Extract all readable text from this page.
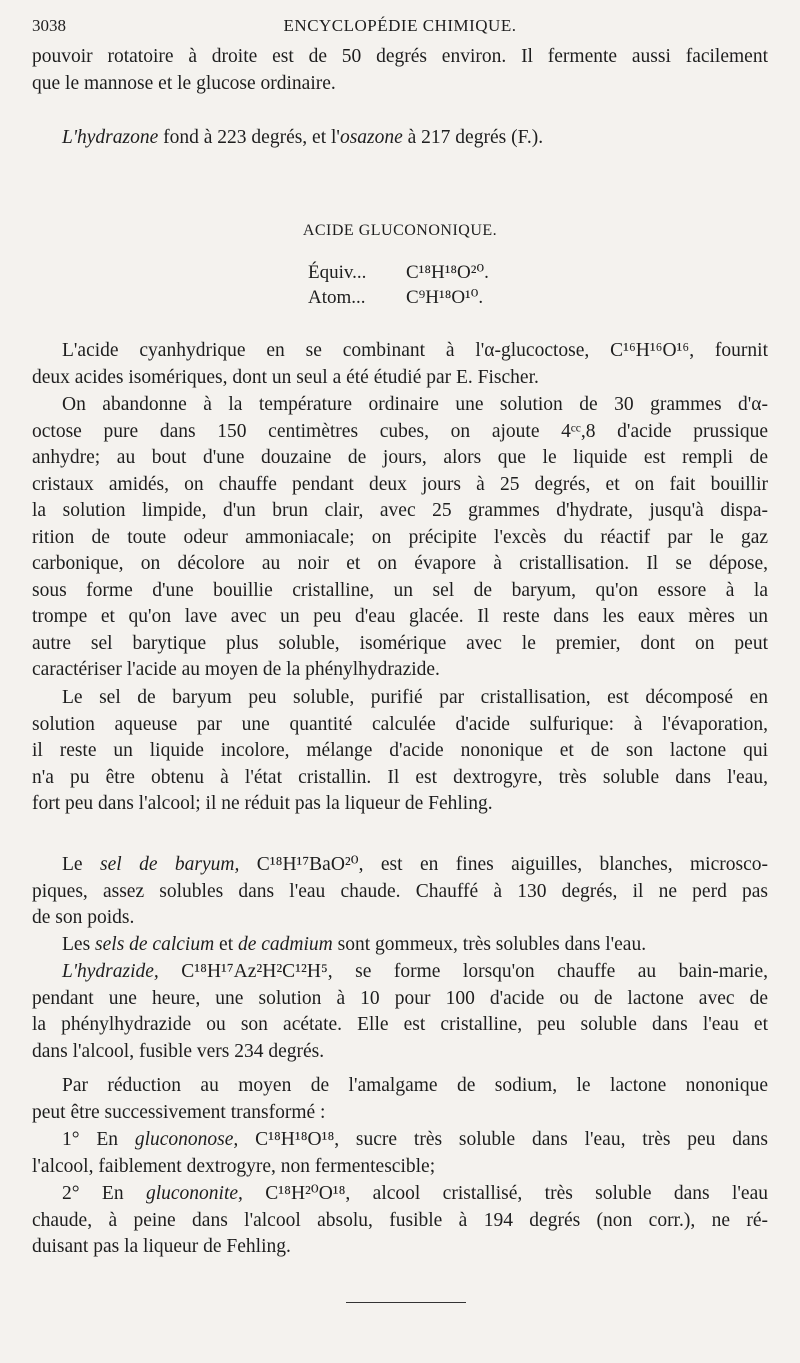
3038	ENCYCLOPÉDIE CHIMIQUE.
pouvoir rotatoire à droite est de 50 degrés environ. Il fermente aussi facilement
que le mannose et le glucose ordinaire.
L'hydrazone fond à 223 degrés, et l'osazone à 217 degrés (F.).
ACIDE GLUCONONIQUE.
Équiv... C¹⁸H¹⁸O²⁰.
Atom... C⁹H¹⁸O¹⁰.
L'acide cyanhydrique en se combinant à l'α-glucoctose, C¹⁶H¹⁶O¹⁶, fournit
deux acides isomériques, dont un seul a été étudié par E. Fischer.
On abandonne à la température ordinaire une solution de 30 grammes d'α-
octose pure dans 150 centimètres cubes, on ajoute 4ᶜᶜ,8 d'acide prussique
anhydre; au bout d'une douzaine de jours, alors que le liquide est rempli de
cristaux amidés, on chauffe pendant deux jours à 25 degrés, et on fait bouillir
la solution limpide, d'un brun clair, avec 25 grammes d'hydrate, jusqu'à dispa-
rition de toute odeur ammoniacale; on précipite l'excès du réactif par le gaz
carbonique, on décolore au noir et on évapore à cristallisation. Il se dépose,
sous forme d'une bouillie cristalline, un sel de baryum, qu'on essore à la
trompe et qu'on lave avec un peu d'eau glacée. Il reste dans les eaux mères un
autre sel barytique plus soluble, isomérique avec le premier, dont on peut
caractériser l'acide au moyen de la phénylhydrazide.
Le sel de baryum peu soluble, purifié par cristallisation, est décomposé en
solution aqueuse par une quantité calculée d'acide sulfurique: à l'évaporation,
il reste un liquide incolore, mélange d'acide nononique et de son lactone qui
n'a pu être obtenu à l'état cristallin. Il est dextrogyre, très soluble dans l'eau,
fort peu dans l'alcool; il ne réduit pas la liqueur de Fehling.
Le sel de baryum, C¹⁸H¹⁷BaO²⁰, est en fines aiguilles, blanches, microsco-
piques, assez solubles dans l'eau chaude. Chauffé à 130 degrés, il ne perd pas
de son poids.
Les sels de calcium et de cadmium sont gommeux, très solubles dans l'eau.
L'hydrazide, C¹⁸H¹⁷Az²H²C¹²H⁵, se forme lorsqu'on chauffe au bain-marie,
pendant une heure, une solution à 10 pour 100 d'acide ou de lactone avec de
la phénylhydrazide ou son acétate. Elle est cristalline, peu soluble dans l'eau et
dans l'alcool, fusible vers 234 degrés.
Par réduction au moyen de l'amalgame de sodium, le lactone nononique
peut être successivement transformé :
1° En glucononose, C¹⁸H¹⁸O¹⁸, sucre très soluble dans l'eau, très peu dans
l'alcool, faiblement dextrogyre, non fermentescible;
2° En glucononite, C¹⁸H²⁰O¹⁸, alcool cristallisé, très soluble dans l'eau
chaude, à peine dans l'alcool absolu, fusible à 194 degrés (non corr.), ne ré-
duisant pas la liqueur de Fehling.
